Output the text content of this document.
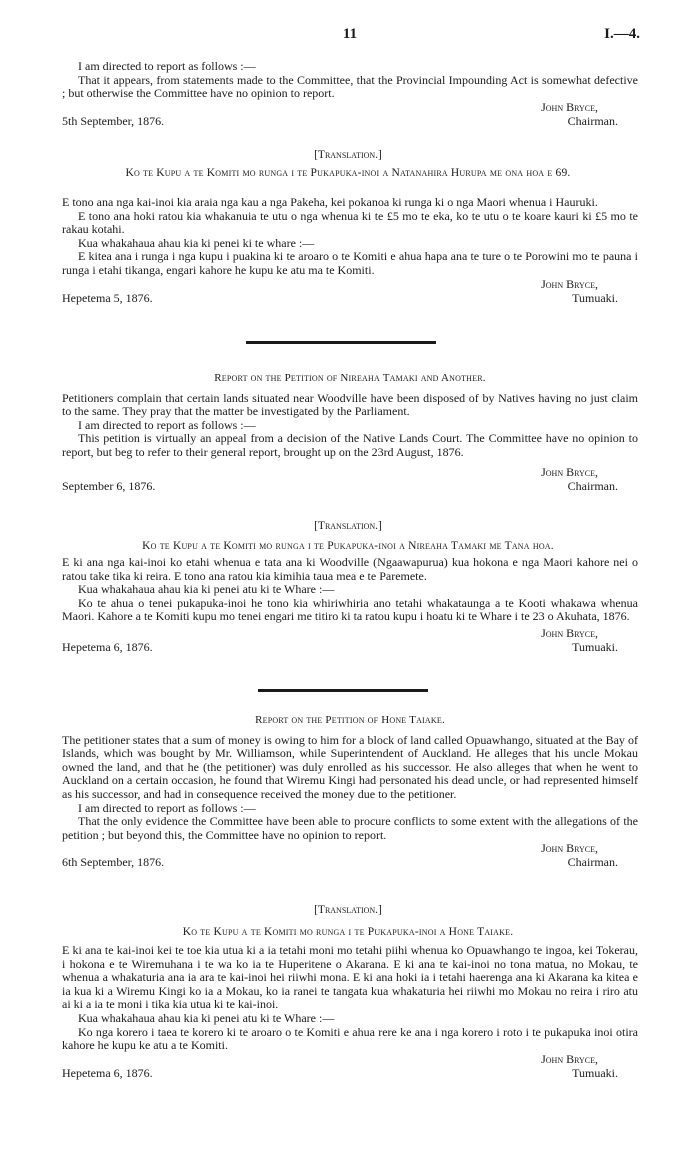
11	I.—4.

I am directed to report as follows :—

That it appears, from statements made to the Committee, that the Provincial Impounding Act is somewhat defective ; but otherwise the Committee have no opinion to report.

John Bryce,
5th September, 1876.	Chairman.
[Translation.]
Ko te Kupu a te Komiti mo runga i te Pukapuka-inoi a Natanahira Hurupa me ona hoa e 69.

E tono ana nga kai-inoi kia araia nga kau a nga Pakeha, kei pokanoa ki runga ki o nga Maori whenua i Hauruki.

E tono ana hoki ratou kia whakanuia te utu o nga whenua ki te £5 mo te eka, ko te utu o te koare kauri ki £5 mo te rakau kotahi.

Kua whakahaua ahau kia ki penei ki te whare :—

E kitea ana i runga i nga kupu i puakina ki te aroaro o te Komiti e ahua hapa ana te ture o te Porowini mo te pauna i runga i etahi tikanga, engari kahore he kupu ke atu ma te Komiti.

John Bryce,
Hepetema 5, 1876.	Tumuaki.
Report on the Petition of Nireaha Tamaki and Another.

Petitioners complain that certain lands situated near Woodville have been disposed of by Natives having no just claim to the same. They pray that the matter be investigated by the Parliament.

I am directed to report as follows :—

This petition is virtually an appeal from a decision of the Native Lands Court. The Committee have no opinion to report, but beg to refer to their general report, brought up on the 23rd August, 1876.

John Bryce,
September 6, 1876.	Chairman.
[Translation.]
Ko te Kupu a te Komiti mo runga i te Pukapuka-inoi a Nireaha Tamaki me Tana hoa.

E ki ana nga kai-inoi ko etahi whenua e tata ana ki Woodville (Ngaawapurua) kua hokona e nga Maori kahore nei o ratou take tika ki reira. E tono ana ratou kia kimihia taua mea e te Paremete.

Kua whakahaua ahau kia ki penei atu ki te Whare :—

Ko te ahua o tenei pukapuka-inoi he tono kia whiriwhiria ano tetahi whakataunga a te Kooti whakawa whenua Maori. Kahore a te Komiti kupu mo tenei engari me titiro ki ta ratou kupu i hoatu ki te Whare i te 23 o Akuhata, 1876.

John Bryce,
Hepetema 6, 1876.	Tumuaki.
Report on the Petition of Hone Taiake.

The petitioner states that a sum of money is owing to him for a block of land called Opuawhango, situated at the Bay of Islands, which was bought by Mr. Williamson, while Superintendent of Auckland. He alleges that his uncle Mokau owned the land, and that he (the petitioner) was duly enrolled as his successor. He also alleges that when he went to Auckland on a certain occasion, he found that Wiremu Kingi had personated his dead uncle, or had represented himself as his successor, and had in consequence received the money due to the petitioner.

I am directed to report as follows :—

That the only evidence the Committee have been able to procure conflicts to some extent with the allegations of the petition ; but beyond this, the Committee have no opinion to report.

John Bryce,
6th September, 1876.	Chairman.
[Translation.]
Ko te Kupu a te Komiti mo runga i te Pukapuka-inoi a Hone Taiake.

E ki ana te kai-inoi kei te toe kia utua ki a ia tetahi moni mo tetahi piihi whenua ko Opuawhango te ingoa, kei Tokerau, i hokona e te Wiremuhana i te wa ko ia te Huperitene o Akarana. E ki ana te kai-inoi no tona matua, no Mokau, te whenua a whakaturia ana ia ara te kai-inoi hei riiwhi mona. E ki ana hoki ia i tetahi haerenga ana ki Akarana ka kitea e ia kua ki a Wiremu Kingi ko ia a Mokau, ko ia ranei te tangata kua whakaturia hei riiwhi mo Mokau no reira i riro atu ai ki a ia te moni i tika kia utua ki te kai-inoi.

Kua whakahaua ahau kia ki penei atu ki te Whare :—

Ko nga korero i taea te korero ki te aroaro o te Komiti e ahua rere ke ana i nga korero i roto i te pukapuka inoi otira kahore he kupu ke atu a te Komiti.

John Bryce,
Hepetema 6, 1876.	Tumuaki.
